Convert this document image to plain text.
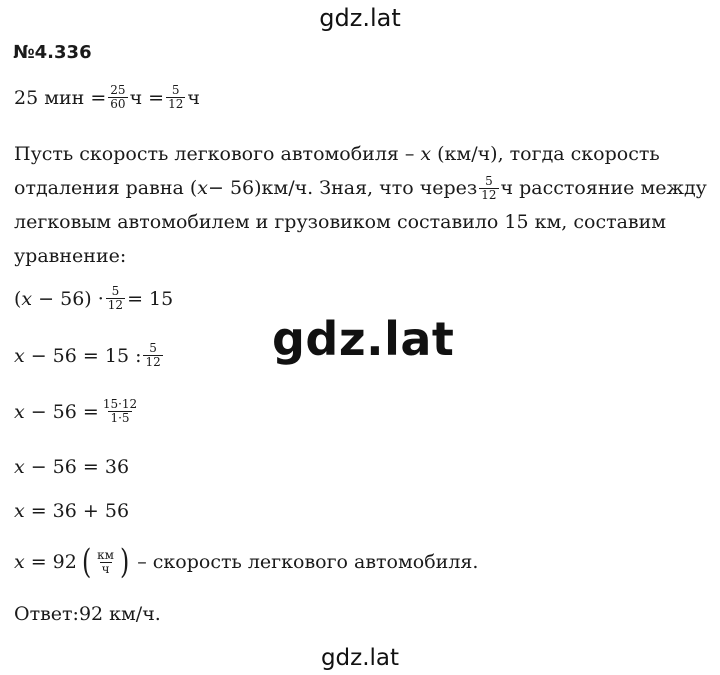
gdz.lat
№4.336
25 мин = $\frac{25}{60}$ $ч = \frac{5}{12}$ ч
Пусть скорость легкового автомобиля – x (км/ч), тогда скорость
отдаления равна ( x − 56)км/ч. Зная, что через $\frac{5}{12}$ ч расстояние между
легковым автомобилем и грузовиком составило 15 км, составим
уравнение:
( $x - 56) \cdot \frac{5}{12} = 15$
gdz.lat
x − 56 = 15 : $\frac{5}{12}$
$x - 56 = \frac{15\cdot 12}{1\cdot 5}$
x − 56 = 36
x = 36 + 56
x = 92 ( $\frac{км}{ч}$ ) – скорость легкового автомобиля.
Ответ:92 км/ч.
gdz.lat
